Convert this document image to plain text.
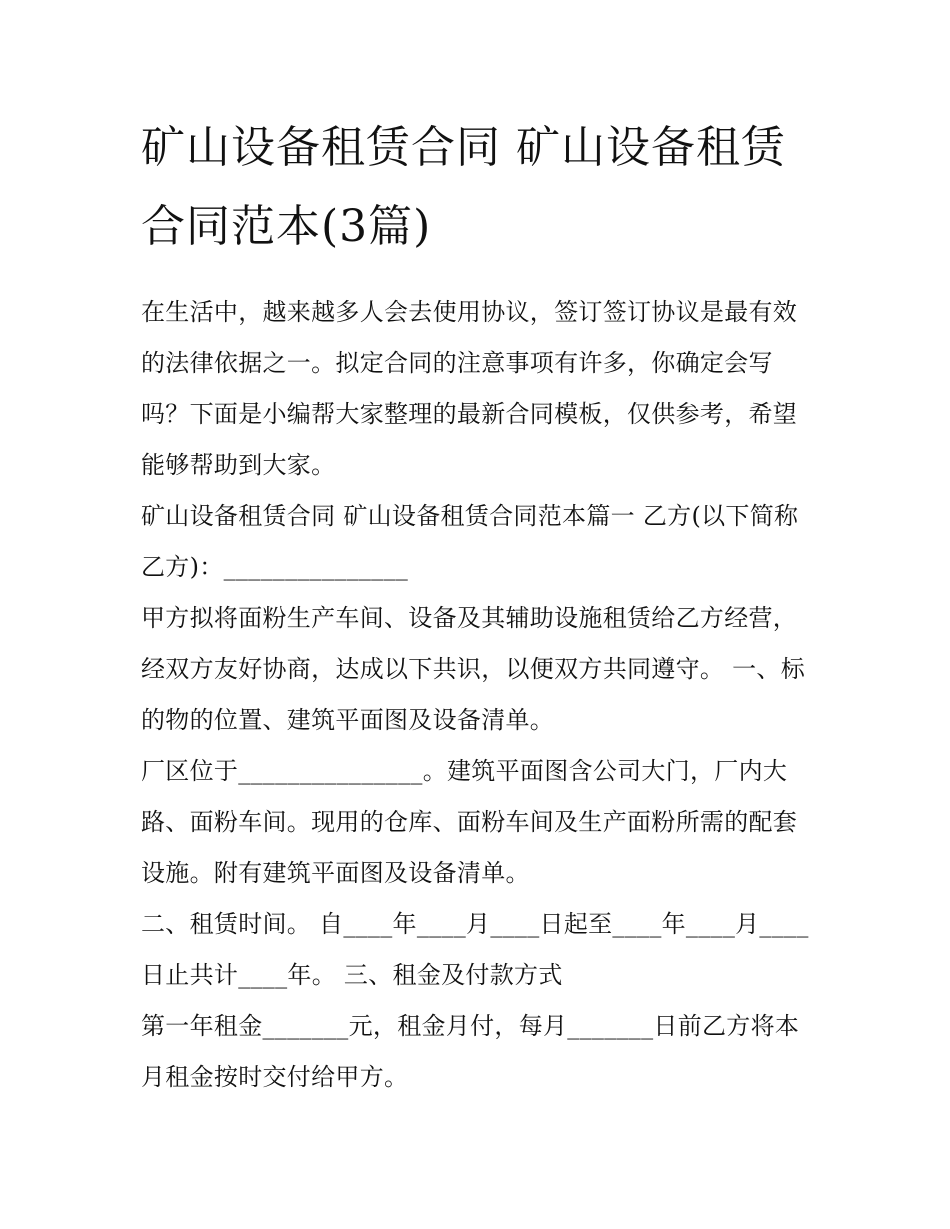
矿山设备租赁合同 矿山设备租赁合同范本(3篇)

在生活中，越来越多人会去使用协议，签订签订协议是最有效的法律依据之一。拟定合同的注意事项有许多，你确定会写吗？下面是小编帮大家整理的最新合同模板，仅供参考，希望能够帮助到大家。

矿山设备租赁合同 矿山设备租赁合同范本篇一 乙方(以下简称乙方)：_______________

甲方拟将面粉生产车间、设备及其辅助设施租赁给乙方经营，经双方友好协商，达成以下共识，以便双方共同遵守。 一、标的物的位置、建筑平面图及设备清单。

厂区位于_______________。建筑平面图含公司大门，厂内大路、面粉车间。现用的仓库、面粉车间及生产面粉所需的配套设施。附有建筑平面图及设备清单。

二、租赁时间。 自____年____月____日起至____年____月____日止共计____年。 三、租金及付款方式

第一年租金_______元，租金月付，每月_______日前乙方将本月租金按时交付给甲方。
